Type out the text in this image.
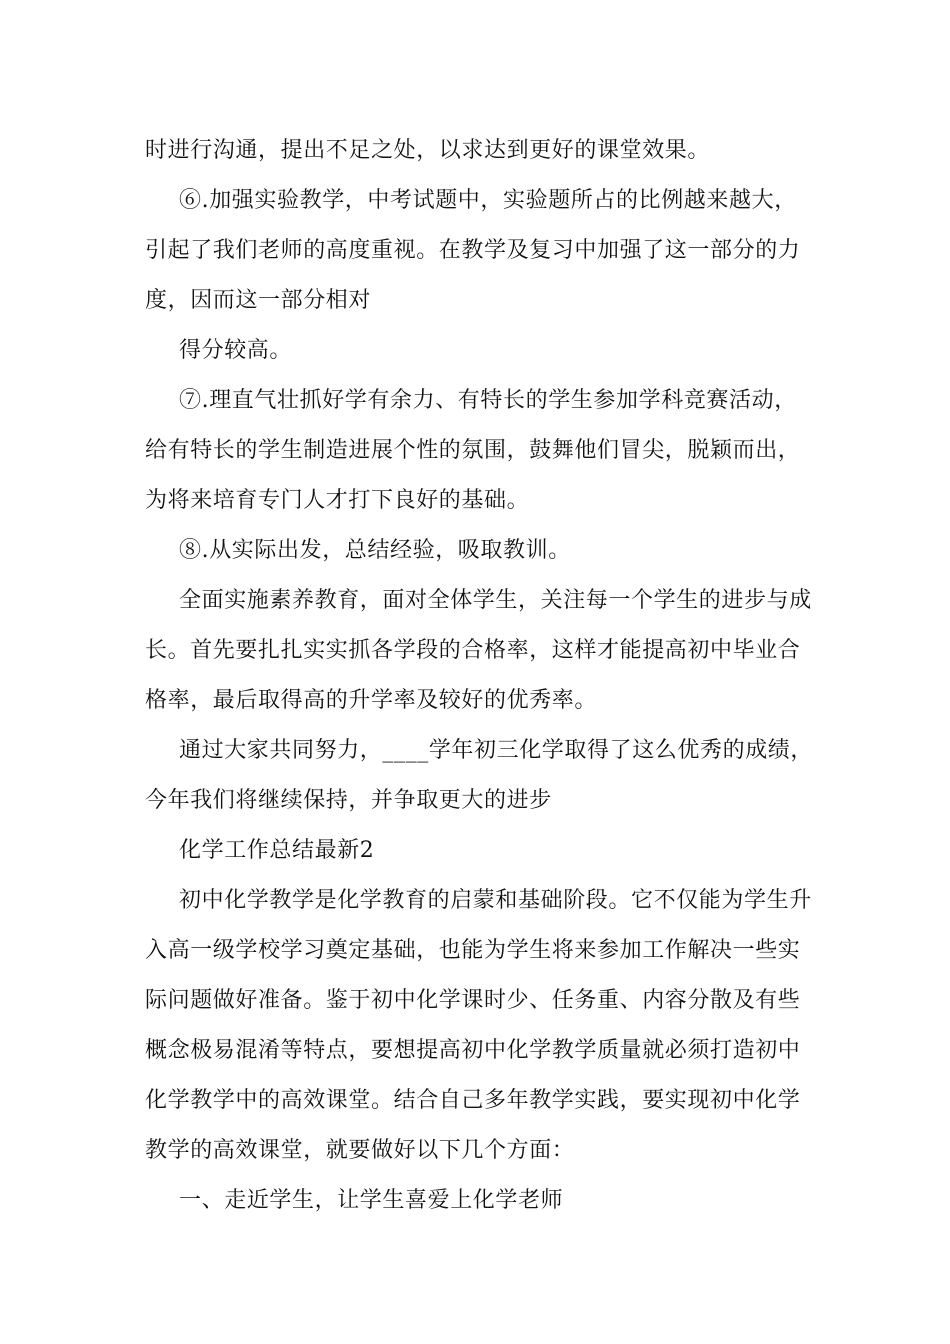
时进行沟通，提出不足之处，以求达到更好的课堂效果。
⑥.加强实验教学，中考试题中，实验题所占的比例越来越大，
引起了我们老师的高度重视。在教学及复习中加强了这一部分的力
度，因而这一部分相对
得分较高。
⑦.理直气壮抓好学有余力、有特长的学生参加学科竞赛活动，
给有特长的学生制造进展个性的氛围，鼓舞他们冒尖，脱颖而出，
为将来培育专门人才打下良好的基础。
⑧.从实际出发，总结经验，吸取教训。
全面实施素养教育，面对全体学生，关注每一个学生的进步与成
长。首先要扎扎实实抓各学段的合格率，这样才能提高初中毕业合
格率，最后取得高的升学率及较好的优秀率。
通过大家共同努力，____学年初三化学取得了这么优秀的成绩，
今年我们将继续保持，并争取更大的进步
化学工作总结最新2
初中化学教学是化学教育的启蒙和基础阶段。它不仅能为学生升
入高一级学校学习奠定基础，也能为学生将来参加工作解决一些实
际问题做好准备。鉴于初中化学课时少、任务重、内容分散及有些
概念极易混淆等特点，要想提高初中化学教学质量就必须打造初中
化学教学中的高效课堂。结合自己多年教学实践，要实现初中化学
教学的高效课堂，就要做好以下几个方面：
一、走近学生，让学生喜爱上化学老师
